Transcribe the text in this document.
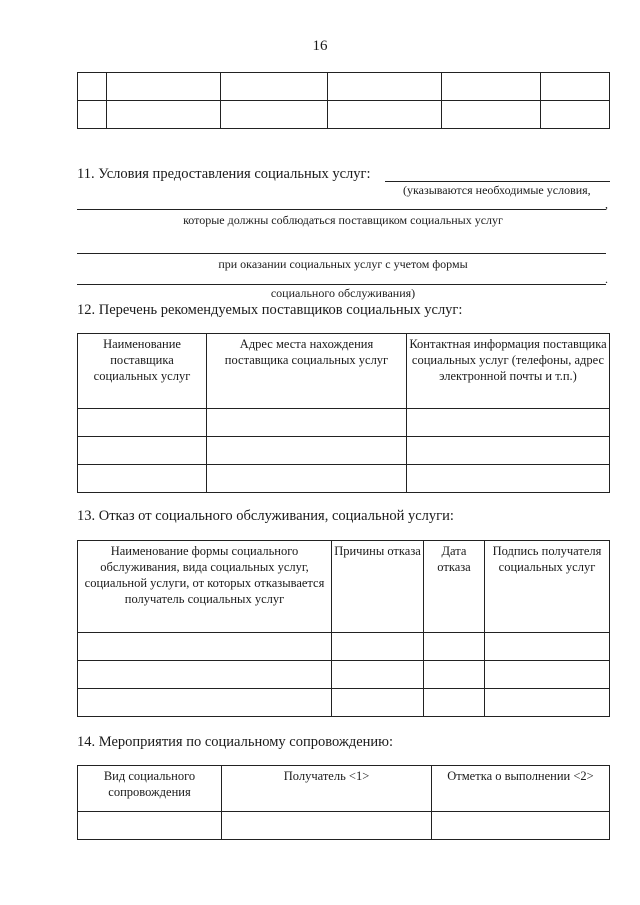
16

11. Условия предоставления социальных услуг:
(указываются необходимые условия,
,
которые должны соблюдаться поставщиком социальных услуг
при оказании социальных услуг с учетом формы
.
социального обслуживания)
12. Перечень рекомендуемых поставщиков социальных услуг:
Наименование поставщика социальных услуг	Адрес места нахождения поставщика социальных услуг	Контактная информация поставщика социальных услуг (телефоны, адрес электронной почты и т.п.)

13. Отказ от социального обслуживания, социальной услуги:
Наименование формы социального обслуживания, вида социальных услуг, социальной услуги, от которых отказывается получатель социальных услуг	Причины отказа	Дата отказа	Подпись получателя социальных услуг

14. Мероприятия по социальному сопровождению:
Вид социального сопровождения	Получатель <1>	Отметка о выполнении <2>
